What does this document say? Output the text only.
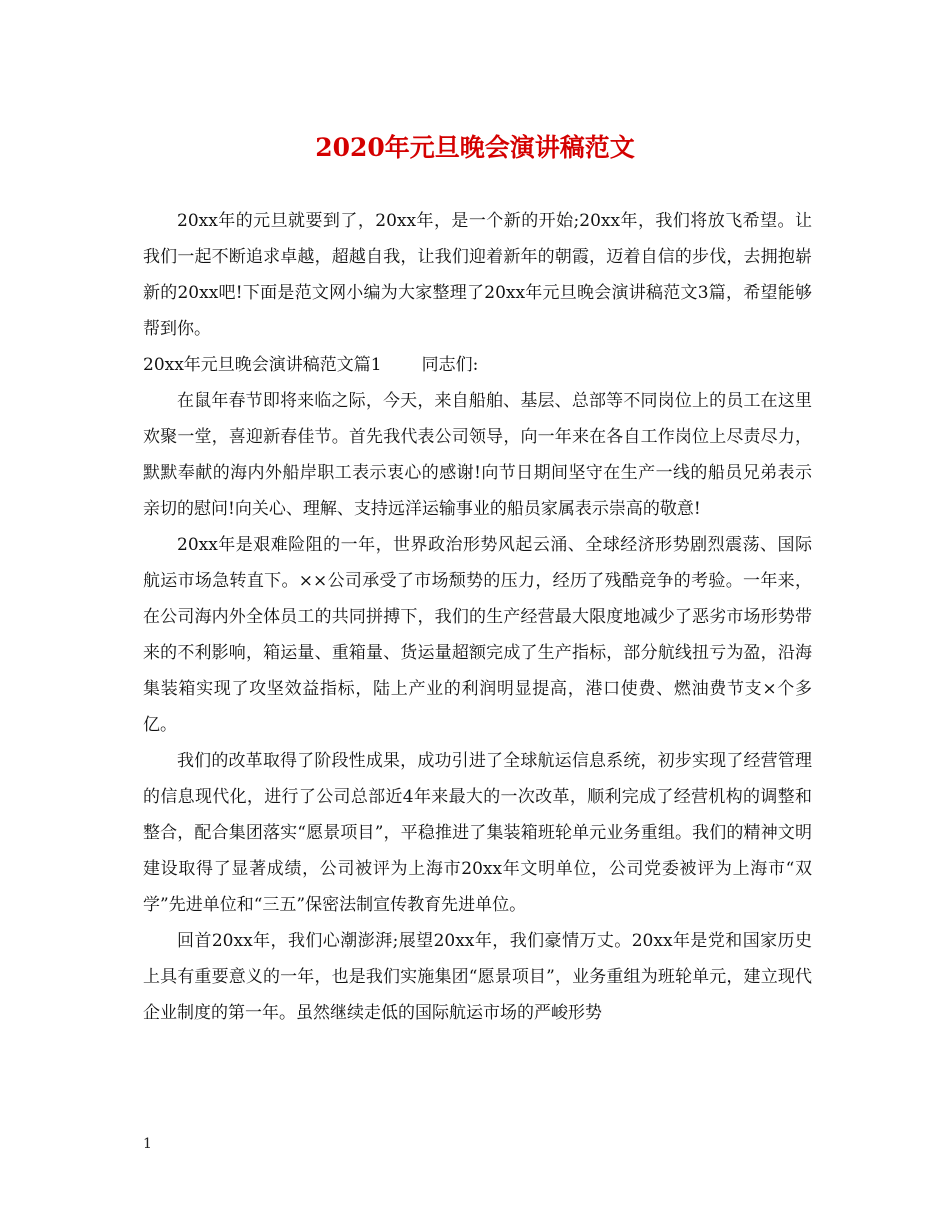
2020年元旦晚会演讲稿范文

20xx年的元旦就要到了，20xx年，是一个新的开始;20xx年，我们将放飞希望。让我们一起不断追求卓越，超越自我，让我们迎着新年的朝霞，迈着自信的步伐，去拥抱崭新的20xx吧!下面是范文网小编为大家整理了20xx年元旦晚会演讲稿范文3篇，希望能够帮到你。

20xx年元旦晚会演讲稿范文篇1 同志们:

在鼠年春节即将来临之际，今天，来自船舶、基层、总部等不同岗位上的员工在这里欢聚一堂，喜迎新春佳节。首先我代表公司领导，向一年来在各自工作岗位上尽责尽力，默默奉献的海内外船岸职工表示衷心的感谢!向节日期间坚守在生产一线的船员兄弟表示亲切的慰问!向关心、理解、支持远洋运输事业的船员家属表示崇高的敬意!

20xx年是艰难险阻的一年，世界政治形势风起云涌、全球经济形势剧烈震荡、国际航运市场急转直下。××公司承受了市场颓势的压力，经历了残酷竞争的考验。一年来，在公司海内外全体员工的共同拼搏下，我们的生产经营最大限度地减少了恶劣市场形势带来的不利影响，箱运量、重箱量、货运量超额完成了生产指标，部分航线扭亏为盈，沿海集装箱实现了攻坚效益指标，陆上产业的利润明显提高，港口使费、燃油费节支×个多亿。

我们的改革取得了阶段性成果，成功引进了全球航运信息系统，初步实现了经营管理的信息现代化，进行了公司总部近4年来最大的一次改革，顺利完成了经营机构的调整和整合，配合集团落实“愿景项目”，平稳推进了集装箱班轮单元业务重组。我们的精神文明建设取得了显著成绩，公司被评为上海市20xx年文明单位，公司党委被评为上海市“双学”先进单位和“三五”保密法制宣传教育先进单位。

回首20xx年，我们心潮澎湃;展望20xx年，我们豪情万丈。20xx年是党和国家历史上具有重要意义的一年，也是我们实施集团“愿景项目”，业务重组为班轮单元，建立现代企业制度的第一年。虽然继续走低的国际航运市场的严峻形势

1
